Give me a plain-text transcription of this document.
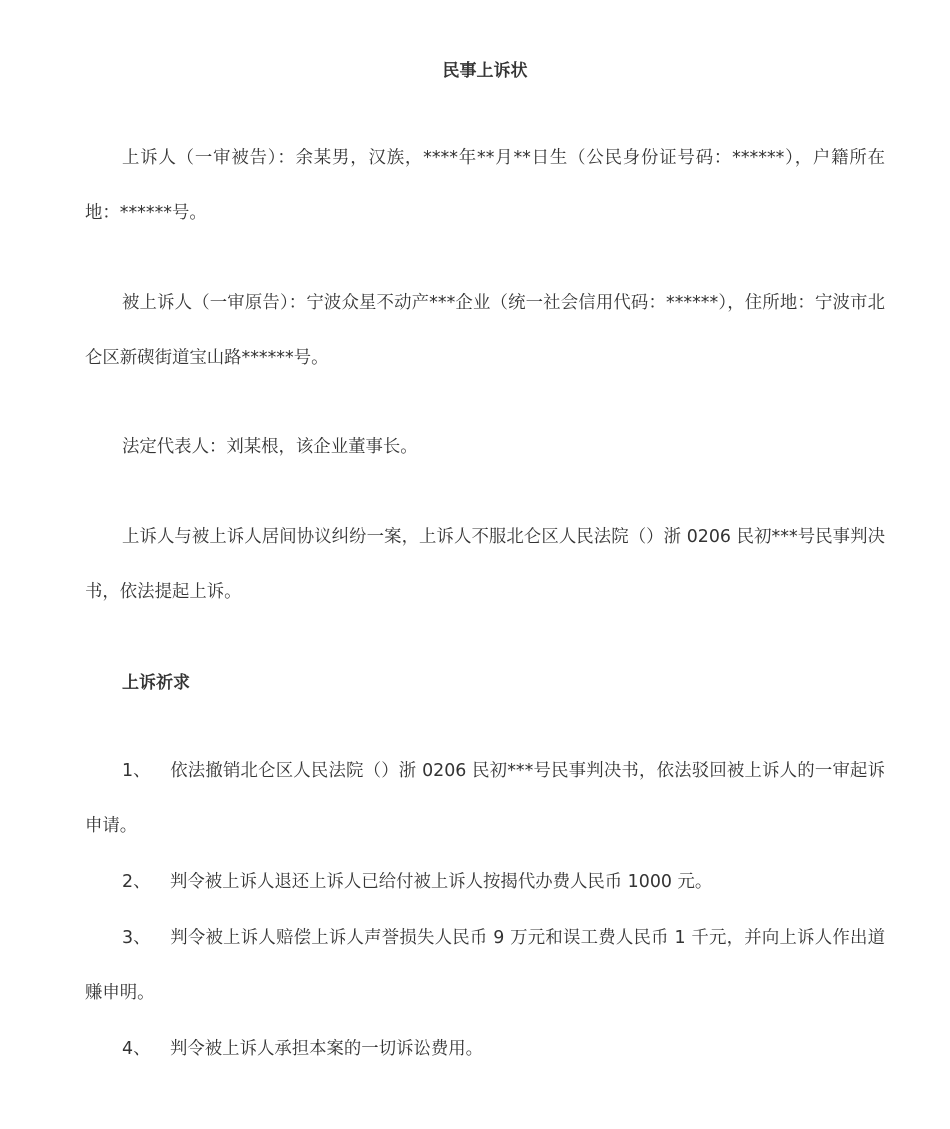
民事上诉状
上诉人（一审被告）：余某男，汉族，****年**月**日生（公民身份证号码：******），户籍所在地：******号。
被上诉人（一审原告）：宁波众星不动产***企业（统一社会信用代码：******），住所地：宁波市北仑区新碶街道宝山路******号。
法定代表人：刘某根，该企业董事长。
上诉人与被上诉人居间协议纠纷一案，上诉人不服北仑区人民法院（）浙 0206 民初***号民事判决书，依法提起上诉。
上诉祈求
1、 依法撤销北仑区人民法院（）浙 0206 民初***号民事判决书，依法驳回被上诉人的一审起诉申请。
2、 判令被上诉人退还上诉人已给付被上诉人按揭代办费人民币 1000 元。
3、 判令被上诉人赔偿上诉人声誉损失人民币 9 万元和误工费人民币 1 千元，并向上诉人作出道赚申明。
4、 判令被上诉人承担本案的一切诉讼费用。
